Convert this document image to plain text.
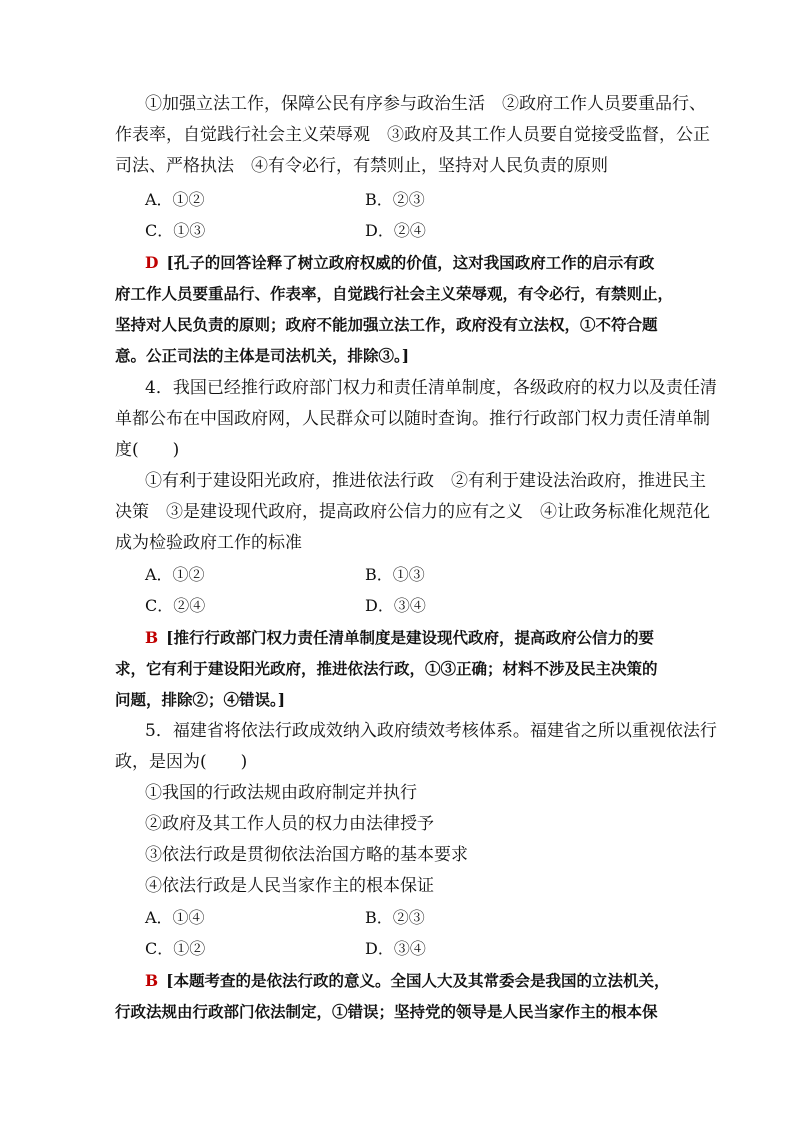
①加强立法工作，保障公民有序参与政治生活　②政府工作人员要重品行、
作表率，自觉践行社会主义荣辱观　③政府及其工作人员要自觉接受监督，公正
司法、严格执法　④有令必行，有禁则止，坚持对人民负责的原则
A．①②	B．②③
C．①③	D．②④
D [孔子的回答诠释了树立政府权威的价值，这对我国政府工作的启示有政
府工作人员要重品行、作表率，自觉践行社会主义荣辱观，有令必行，有禁则止，
坚持对人民负责的原则；政府不能加强立法工作，政府没有立法权，①不符合题
意。公正司法的主体是司法机关，排除③。]
4．我国已经推行政府部门权力和责任清单制度，各级政府的权力以及责任清
单都公布在中国政府网，人民群众可以随时查询。推行行政部门权力责任清单制
度(　　)
①有利于建设阳光政府，推进依法行政　②有利于建设法治政府，推进民主
决策　③是建设现代政府，提高政府公信力的应有之义　④让政务标准化规范化
成为检验政府工作的标准
A．①②	B．①③
C．②④	D．③④
B [推行行政部门权力责任清单制度是建设现代政府，提高政府公信力的要
求，它有利于建设阳光政府，推进依法行政，①③正确；材料不涉及民主决策的
问题，排除②；④错误。]
5．福建省将依法行政成效纳入政府绩效考核体系。福建省之所以重视依法行
政，是因为(　　)
①我国的行政法规由政府制定并执行
②政府及其工作人员的权力由法律授予
③依法行政是贯彻依法治国方略的基本要求
④依法行政是人民当家作主的根本保证
A．①④	B．②③
C．①②	D．③④
B [本题考查的是依法行政的意义。全国人大及其常委会是我国的立法机关，
行政法规由行政部门依法制定，①错误；坚持党的领导是人民当家作主的根本保
